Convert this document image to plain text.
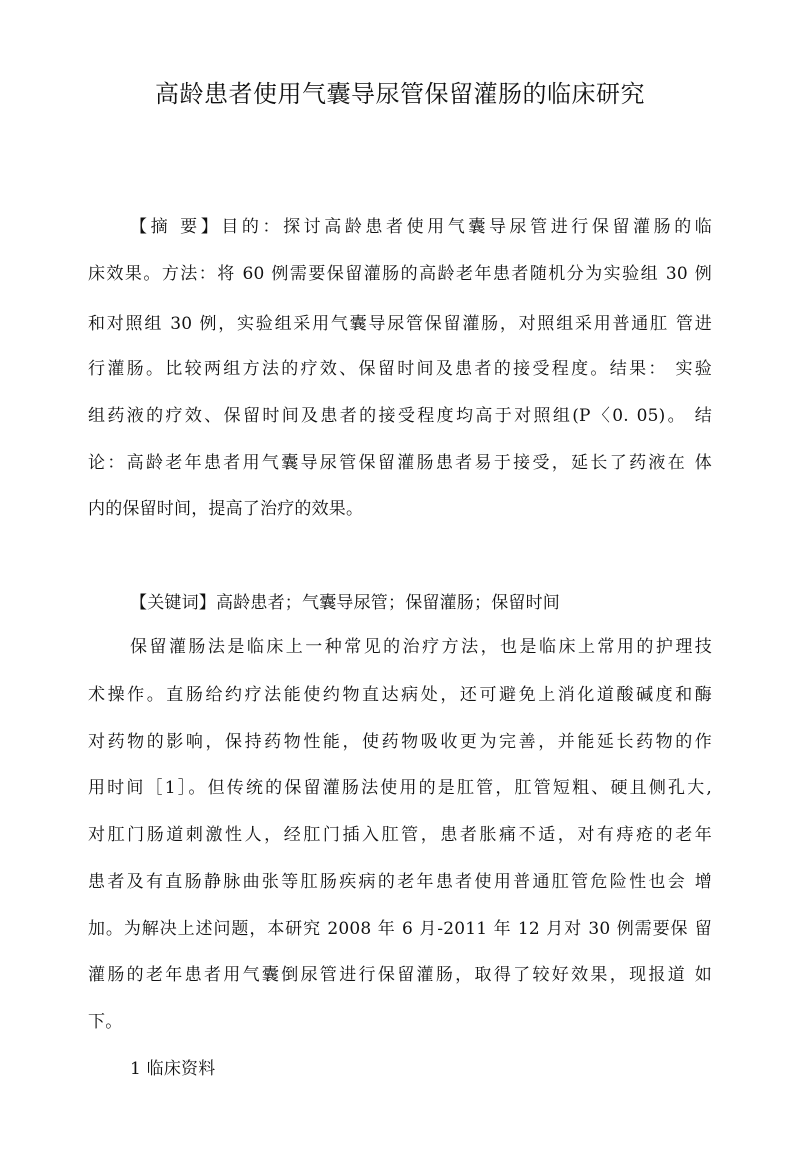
高龄患者使用气囊导尿管保留灌肠的临床研究
【摘 要】目的：探讨高龄患者使用气囊导尿管进行保留灌肠的临
床效果。方法：将 60 例需要保留灌肠的高龄老年患者随机分为实验组 30 例
和对照组 30 例，实验组采用气囊导尿管保留灌肠，对照组采用普通肛 管进
行灌肠。比较两组方法的疗效、保留时间及患者的接受程度。结果： 实验
组药液的疗效、保留时间及患者的接受程度均高于对照组(P〈0. 05)。 结
论：高龄老年患者用气囊导尿管保留灌肠患者易于接受，延长了药液在 体
内的保留时间，提高了治疗的效果。
【关键词】高龄患者；气囊导尿管；保留灌肠；保留时间
保留灌肠法是临床上一种常见的治疗方法，也是临床上常用的护理技
术操作。直肠给约疗法能使约物直达病处，还可避免上消化道酸碱度和酶
对药物的影响，保持药物性能，使药物吸收更为完善，并能延长药物的作
用时间［1］。但传统的保留灌肠法使用的是肛管，肛管短粗、硬且侧孔大,
对肛门肠道刺激性人，经肛门插入肛管，患者胀痛不适，对有痔疮的老年
患者及有直肠静脉曲张等肛肠疾病的老年患者使用普通肛管危险性也会 增
加。为解决上述问题，本研究 2008 年 6 月-2011 年 12 月对 30 例需要保 留
灌肠的老年患者用气囊倒尿管进行保留灌肠，取得了较好效果，现报道 如
下。
1 临床资料
